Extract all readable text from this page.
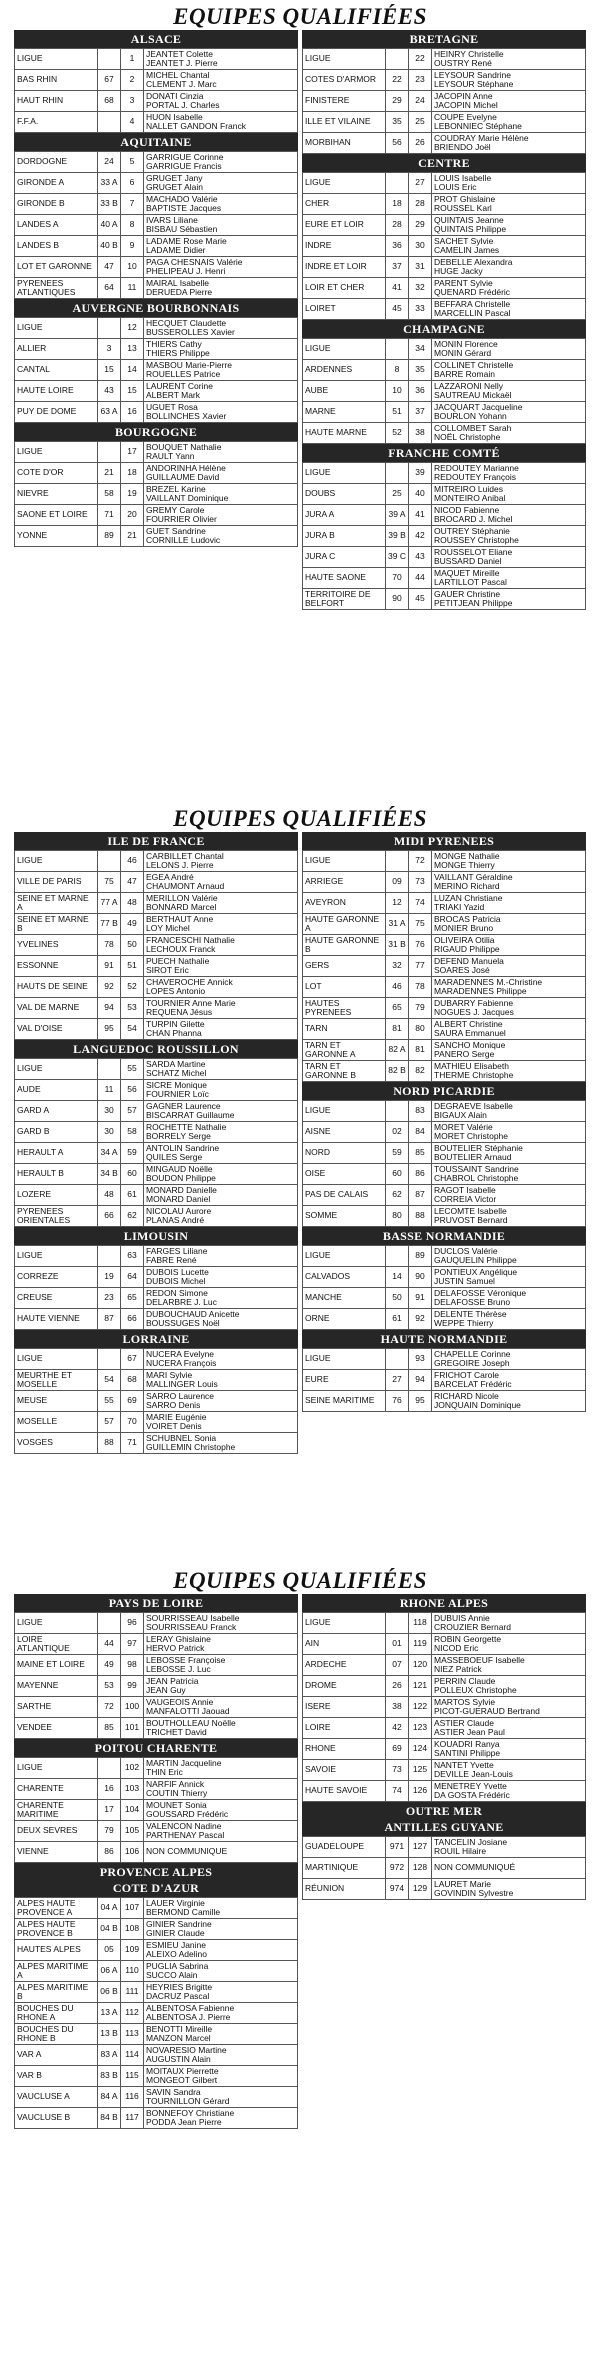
EQUIPES QUALIFIÉES
ALSACE
LIGUE		1	JEANTET Colette
JEANTET J. Pierre

BAS RHIN	67	2	MICHEL Chantal
CLEMENT J. Marc

HAUT RHIN	68	3	DONATI Cinzia
PORTAL J. Charles

F.F.A.		4	HUON Isabelle
NALLET GANDON Franck
AQUITAINE
DORDOGNE	24	5	GARRIGUE Corinne
GARRIGUE Francis

GIRONDE A	33 A	6	GRUGET Jany
GRUGET Alain

GIRONDE B	33 B	7	MACHADO Valérie
BAPTISTE Jacques

LANDES A	40 A	8	IVARS Liliane
BISBAU Sébastien

LANDES B	40 B	9	LADAME Rose Marie
LADAME Didier

LOT ET GARONNE	47	10	PAGA CHESNAIS Valérie
PHELIPEAU J. Henri

PYRENEES ATLANTIQUES	64	11	MAIRAL Isabelle
DERUEDA Pierre
AUVERGNE BOURBONNAIS
LIGUE		12	HECQUET Claudette
BUSSEROLLES Xavier

ALLIER	3	13	THIERS Cathy
THIERS Philippe

CANTAL	15	14	MASBOU Marie-Pierre
ROUELLES Patrice

HAUTE LOIRE	43	15	LAURENT Corine
ALBERT Mark

PUY DE DOME	63 A	16	UGUET Rosa
BOLLINCHES Xavier
BOURGOGNE
LIGUE		17	BOUQUET Nathalie
RAULT Yann

COTE D'OR	21	18	ANDORINHA Hélène
GUILLAUME David

NIEVRE	58	19	BREZEL Karine
VAILLANT Dominique

SAONE ET LOIRE	71	20	GREMY Carole
FOURRIER Olivier

YONNE	89	21	GUET Sandrine
CORNILLE Ludovic
BRETAGNE
LIGUE		22	HEINRY Christelle
OUSTRY René

COTES D'ARMOR	22	23	LEYSOUR Sandrine
LEYSOUR Stéphane

FINISTERE	29	24	JACOPIN Anne
JACOPIN Michel

ILLE ET VILAINE	35	25	COUPE Evelyne
LEBONNIEC Stéphane

MORBIHAN	56	26	COUDRAY Marie Hélène
BRIENDO Joël
CENTRE
LIGUE		27	LOUIS Isabelle
LOUIS Eric

CHER	18	28	PROT Ghislaine
ROUSSEL Karl

EURE ET LOIR	28	29	QUINTAIS Jeanne
QUINTAIS Philippe

INDRE	36	30	SACHET Sylvie
CAMELIN James

INDRE ET LOIR	37	31	DEBELLE Alexandra
HUGE Jacky

LOIR ET CHER	41	32	PARENT Sylvie
QUENARD Frédéric

LOIRET	45	33	BEFFARA Christelle
MARCELLIN Pascal
CHAMPAGNE
LIGUE		34	MONIN Florence
MONIN Gérard

ARDENNES	8	35	COLLINET Christelle
BARRE Romain

AUBE	10	36	LAZZARONI Nelly
SAUTREAU Mickaël

MARNE	51	37	JACQUART Jacqueline
BOURLON Yohann

HAUTE MARNE	52	38	COLLOMBET Sarah
NOËL Christophe
FRANCHE COMTÉ
LIGUE		39	REDOUTEY Marianne
REDOUTEY François

DOUBS	25	40	MITREIRO Luides
MONTEIRO Anibal

JURA A	39 A	41	NICOD Fabienne
BROCARD J. Michel

JURA B	39 B	42	OUTREY Stéphanie
ROUSSEY Christophe

JURA C	39 C	43	ROUSSELOT Eliane
BUSSARD Daniel

HAUTE SAONE	70	44	MAQUET Mireille
LARTILLOT Pascal

TERRITOIRE DE BELFORT	90	45	GAUER Christine
PETITJEAN Philippe
EQUIPES QUALIFIÉES
ILE DE FRANCE
LIGUE		46	CARBILLET Chantal
LELONS J. Pierre

VILLE DE PARIS	75	47	EGEA André
CHAUMONT Arnaud

SEINE ET MARNE A	77 A	48	MERILLON Valérie
BONNARD Marcel

SEINE ET MARNE B	77 B	49	BERTHAUT Anne
LOY Michel

YVELINES	78	50	FRANCESCHI Nathalie
LECHOUX Franck

ESSONNE	91	51	PUECH Nathalie
SIROT Eric

HAUTS DE SEINE	92	52	CHAVEROCHE Annick
LOPES Antonio

VAL DE MARNE	94	53	TOURNIER Anne Marie
REQUENA Jésus

VAL D'OISE	95	54	TURPIN Gilette
CHAN Phanna
LANGUEDOC ROUSSILLON
LIGUE		55	SARDA Martine
SCHATZ Michel

AUDE	11	56	SICRE Monique
FOURNIER Loïc

GARD A	30	57	GAGNER Laurence
BISCARRAT Guillaume

GARD B	30	58	ROCHETTE Nathalie
BORRELY Serge

HERAULT A	34 A	59	ANTOLIN Sandrine
QUILES Serge

HERAULT B	34 B	60	MINGAUD Noëlle
BOUDON Philippe

LOZERE	48	61	MONARD Danielle
MONARD Daniel

PYRENEES ORIENTALES	66	62	NICOLAU Aurore
PLANAS André
LIMOUSIN
LIGUE		63	FARGES Liliane
FABRE René

CORREZE	19	64	DUBOIS Lucette
DUBOIS Michel

CREUSE	23	65	REDON Simone
DELARBRE J. Luc

HAUTE VIENNE	87	66	DUBOUCHAUD Anicette
BOUSSUGES Noël
LORRAINE
LIGUE		67	NUCERA Evelyne
NUCERA François

MEURTHE ET MOSELLE	54	68	MARI Sylvie
MALLINGER Louis

MEUSE	55	69	SARRO Laurence
SARRO Denis

MOSELLE	57	70	MARIE Eugénie
VOIRET Denis

VOSGES	88	71	SCHUBNEL Sonia
GUILLEMIN Christophe
MIDI PYRENEES
LIGUE		72	MONGE Nathalie
MONGE Thierry

ARRIEGE	09	73	VAILLANT Géraldine
MERINO Richard

AVEYRON	12	74	LUZAN Christiane
TRIAKI Yazid

HAUTE GARONNE A	31 A	75	BROCAS Patricia
MONIER Bruno

HAUTE GARONNE B	31 B	76	OLIVEIRA Otilia
RIGAUD Philippe

GERS	32	77	DEFEND Manuela
SOARES José

LOT	46	78	MARADENNES M.-Christine
MARADENNES Philippe

HAUTES PYRENEES	65	79	DUBARRY Fabienne
NOGUES J. Jacques

TARN	81	80	ALBERT Christine
SAURA Emmanuel

TARN ET GARONNE A	82 A	81	SANCHO Monique
PANERO Serge

TARN ET GARONNE B	82 B	82	MATHIEU Elisabeth
THERME Christophe
NORD PICARDIE
LIGUE		83	DEGRAEVE Isabelle
BIGAUX Alain

AISNE	02	84	MORET Valérie
MORET Christophe

NORD	59	85	BOUTELIER Stéphanie
BOUTELIER Arnaud

OISE	60	86	TOUSSAINT Sandrine
CHABROL Christophe

PAS DE CALAIS	62	87	RAGOT Isabelle
CORREIA Victor

SOMME	80	88	LECOMTE Isabelle
PRUVOST Bernard
BASSE NORMANDIE
LIGUE		89	DUCLOS Valérie
GAUQUELIN Philippe

CALVADOS	14	90	PONTIEUX Angélique
JUSTIN Samuel

MANCHE	50	91	DELAFOSSE Véronique
DELAFOSSE Bruno

ORNE	61	92	DELENTE Thérèse
WEPPE Thierry
HAUTE NORMANDIE
LIGUE		93	CHAPELLE Corinne
GREGOIRE Joseph

EURE	27	94	FRICHOT Carole
BARCELAT Frédéric

SEINE MARITIME	76	95	RICHARD Nicole
JONQUAIN Dominique
EQUIPES QUALIFIÉES
PAYS DE LOIRE
LIGUE		96	SOURRISSEAU Isabelle
SOURRISSEAU Franck

LOIRE ATLANTIQUE	44	97	LERAY Ghislaine
HERVO Patrick

MAINE ET LOIRE	49	98	LEBOSSE Françoise
LEBOSSE J. Luc

MAYENNE	53	99	JEAN Patricia
JEAN Guy

SARTHE	72	100	VAUGEOIS Annie
MANFALOTTI Jaouad

VENDEE	85	101	BOUTHOLLEAU Noëlle
TRICHET David
POITOU CHARENTE
LIGUE		102	MARTIN Jacqueline
THIN Eric

CHARENTE	16	103	NARFIF Annick
COUTIN Thierry

CHARENTE MARITIME	17	104	MOUNET Sonia
GOUSSARD Frédéric

DEUX SEVRES	79	105	VALENCON Nadine
PARTHENAY Pascal

VIENNE	86	106	NON COMMUNIQUE
PROVENCE ALPES
COTE D'AZUR
ALPES HAUTE PROVENCE A	04 A	107	LAUER Virginie
BERMOND Camille

ALPES HAUTE PROVENCE B	04 B	108	GINIER Sandrine
GINIER Claude

HAUTES ALPES	05	109	ESMIEU Janine
ALEIXO Adelino

ALPES MARITIME A	06 A	110	PUGLIA Sabrina
SUCCO Alain

ALPES MARITIME B	06 B	111	HEYRIES Brigitte
DACRUZ Pascal

BOUCHES DU RHONE A	13 A	112	ALBENTOSA Fabienne
ALBENTOSA J. Pierre

BOUCHES DU RHONE B	13 B	113	BENOTTI Mireille
MANZON Marcel

VAR A	83 A	114	NOVARESIO Martine
AUGUSTIN Alain

VAR B	83 B	115	MOITAUX Pierrette
MONGEOT Gilbert

VAUCLUSE A	84 A	116	SAVIN Sandra
TOURNILLON Gérard

VAUCLUSE B	84 B	117	BONNEFOY Christiane
PODDA Jean Pierre
RHONE ALPES
LIGUE		118	DUBUIS Annie
CROUZIER Bernard

AIN	01	119	ROBIN Georgette
NICOD Eric

ARDECHE	07	120	MASSEBOEUF Isabelle
NIEZ Patrick

DROME	26	121	PERRIN Claude
POLLEUX Christophe

ISERE	38	122	MARTOS Sylvie
PICOT-GUERAUD Bertrand

LOIRE	42	123	ASTIER Claude
ASTIER Jean Paul

RHONE	69	124	KOUADRI Ranya
SANTINI Philippe

SAVOIE	73	125	NANTET Yvette
DEVILLE Jean-Louis

HAUTE SAVOIE	74	126	MENETREY Yvette
DA GOSTA Frédéric
OUTRE MER
ANTILLES GUYANE
GUADELOUPE	971	127	TANCELIN Josiane
ROUIL Hilaire

MARTINIQUE	972	128	NON COMMUNIQUÉ

RÉUNION	974	129	LAURET Marie
GOVINDIN Sylvestre
